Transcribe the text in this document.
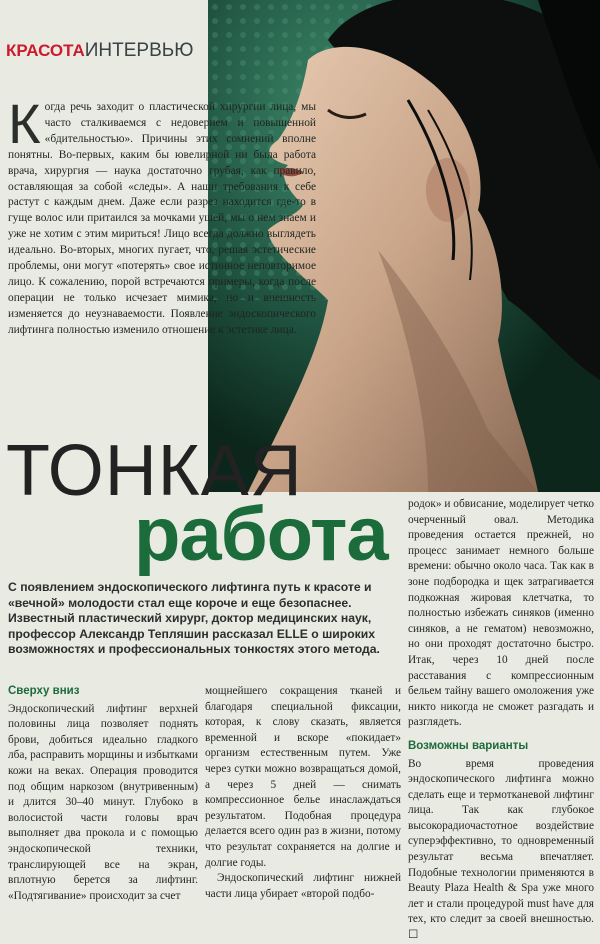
КРАСОТАИНТЕРВЬЮ
К огда речь заходит о пластической хирургии лица, мы часто сталкиваемся с недоверием и повышенной «бдительностью». Причины этих сомнений вполне понятны. Во-первых, каким бы ювелирной ни была работа врача, хирургия — наука достаточно грубая, как правило, оставляющая за собой «следы». А наши требования к себе растут с каждым днем. Даже если разрез находится где-то в гуще волос или притаился за мочками ушей, мы о нем знаем и уже не хотим с этим мириться! Лицо всегда должно выглядеть идеально. Во-вторых, многих пугает, что, решая эстетические проблемы, они могут «потерять» свое истинное неповторимое лицо. К сожалению, порой встречаются примеры, когда после операции не только исчезает мимика, но и внешность изменяется до неузнаваемости. Появление эндоскопического лифтинга полностью изменило отношение к эстетике лица.

ТОНКАЯ
работа
С появлением эндоскопического лифтинга путь к красоте и «вечной» молодости стал еще короче и еще безопаснее. Известный пластический хирург, доктор медицинских наук, профессор Александр Тепляшин рассказал ELLE о широких возможностях и профессиональных тонкостях этого метода.
Сверху вниз

Эндоскопический лифтинг верхней половины лица позволяет поднять брови, добиться идеально гладкого лба, расправить морщины и избытками кожи на веках. Операция проводится под общим наркозом (внутривенным) и длится 30–40 минут. Глубоко в волосистой части головы врач выполняет два прокола и с помощью эндоскопической техники, транслирующей все на экран, вплотную берется за лифтинг. «Подтягивание» происходит за счет

мощнейшего сокращения тканей и благодаря специальной фиксации, которая, к слову сказать, является временной и вскоре «покидает» организм естественным путем. Уже через сутки можно возвращаться домой, а через 5 дней — снимать компрессионное белье инаслаждаться результатом. Подобная процедура делается всего один раз в жизни, потому что результат сохраняется на долгие и долгие годы.

Эндоскопический лифтинг нижней части лица убирает «второй подбо-

родок» и обвисание, моделирует четко очерченный овал. Методика проведения остается прежней, но процесс занимает немного больше времени: обычно около часа. Так как в зоне подбородка и щек затрагивается подкожная жировая клетчатка, то полностью избежать синяков (именно синяков, а не гематом) невозможно, но они проходят достаточно быстро. Итак, через 10 дней после расставания с компрессионным бельем тайну вашего омоложения уже никто никогда не сможет разгадать и разглядеть.

Возможны варианты

Во время проведения эндоскопического лифтинга можно сделать еще и термотканевой лифтинг лица. Так как глубокое высокорадиочастотное воздействие суперэффективно, то одновременный результат весьма впечатляет. Подобные технологии применяются в Beauty Plaza Health & Spa уже много лет и стали процедурой must have для тех, кто следит за своей внешностью. ☐
